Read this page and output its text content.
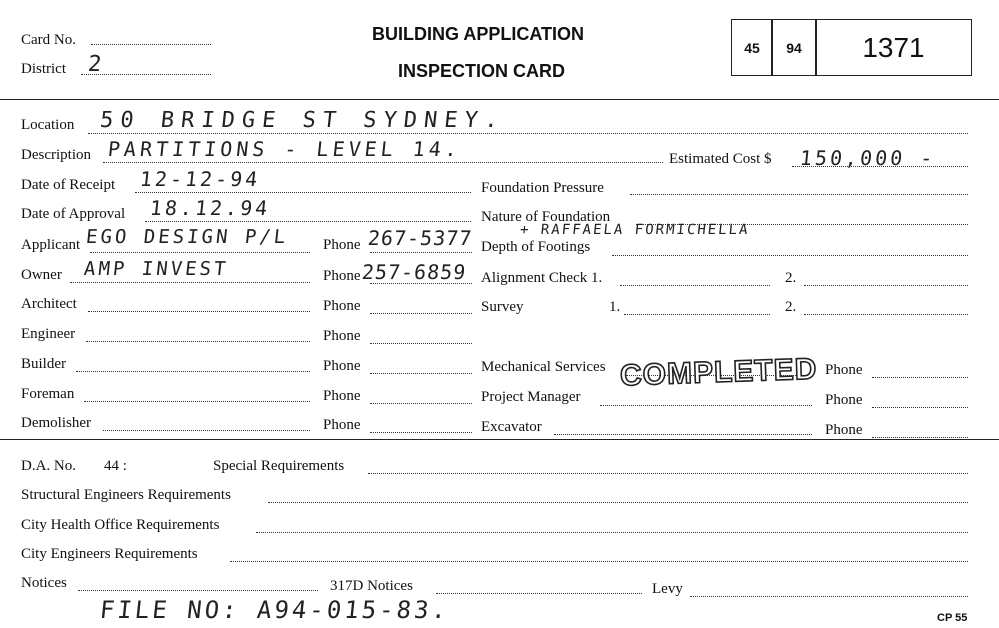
Card No.
District 2
BUILDING APPLICATION
INSPECTION CARD
45 94 1371
Location 50 BRIDGE ST SYDNEY.
Description PARTITIONS - LEVEL 14.	Estimated Cost $ 150,000 -
Date of Receipt 12-12-94	Foundation Pressure
Date of Approval 18.12.94	Nature of Foundation
Applicant EGO DESIGN P/L Phone 267-5377 Depth of Footings
+ RAFFAELA FORMICHELLA
Owner AMP INVEST	Phone 257-6859 Alignment Check 1.	2.
Architect	Phone	Survey	1.	2.
Engineer	Phone
Builder	Phone	Mechanical Services	Phone
Foreman	Phone	Project Manager	Phone
Demolisher	Phone	Excavator	Phone
COMPLETED
D.A. No. 44 :	Special Requirements
Structural Engineers Requirements
City Health Office Requirements
City Engineers Requirements
Notices	317D Notices	Levy
FILE NO: A94-015-83.	CP 55
